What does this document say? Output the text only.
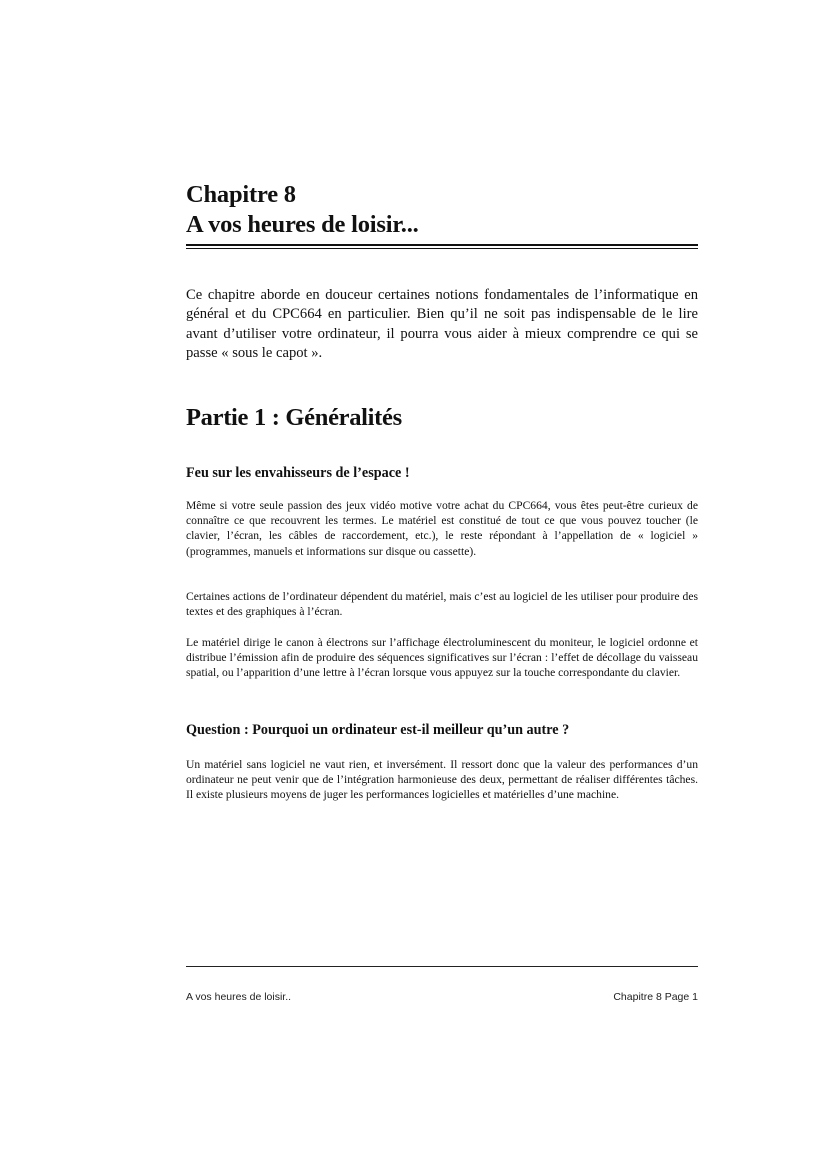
Chapitre 8
A vos heures de loisir...

Ce chapitre aborde en douceur certaines notions fondamentales de l’informatique en général et du CPC664 en particulier. Bien qu’il ne soit pas indispensable de le lire avant d’utiliser votre ordinateur, il pourra vous aider à mieux comprendre ce qui se passe « sous le capot ».

Partie 1 : Généralités
Feu sur les envahisseurs de l’espace !

Même si votre seule passion des jeux vidéo motive votre achat du CPC664, vous êtes peut-être curieux de connaître ce que recouvrent les termes. Le matériel est constitué de tout ce que vous pouvez toucher (le clavier, l’écran, les câbles de raccordement, etc.), le reste répondant à l’appellation de « logiciel » (programmes, manuels et informations sur disque ou cassette).

Certaines actions de l’ordinateur dépendent du matériel, mais c’est au logiciel de les utiliser pour produire des textes et des graphiques à l’écran.

Le matériel dirige le canon à électrons sur l’affichage électroluminescent du moniteur, le logiciel ordonne et distribue l’émission afin de produire des séquences significatives sur l’écran : l’effet de décollage du vaisseau spatial, ou l’apparition d’une lettre à l’écran lorsque vous appuyez sur la touche correspondante du clavier.

Question : Pourquoi un ordinateur est-il meilleur qu’un autre ?

Un matériel sans logiciel ne vaut rien, et inversément. Il ressort donc que la valeur des performances d’un ordinateur ne peut venir que de l’intégration harmonieuse des deux, permettant de réaliser différentes tâches. Il existe plusieurs moyens de juger les performances logicielles et matérielles d’une machine.

A vos heures de loisir..	Chapitre 8 Page 1
